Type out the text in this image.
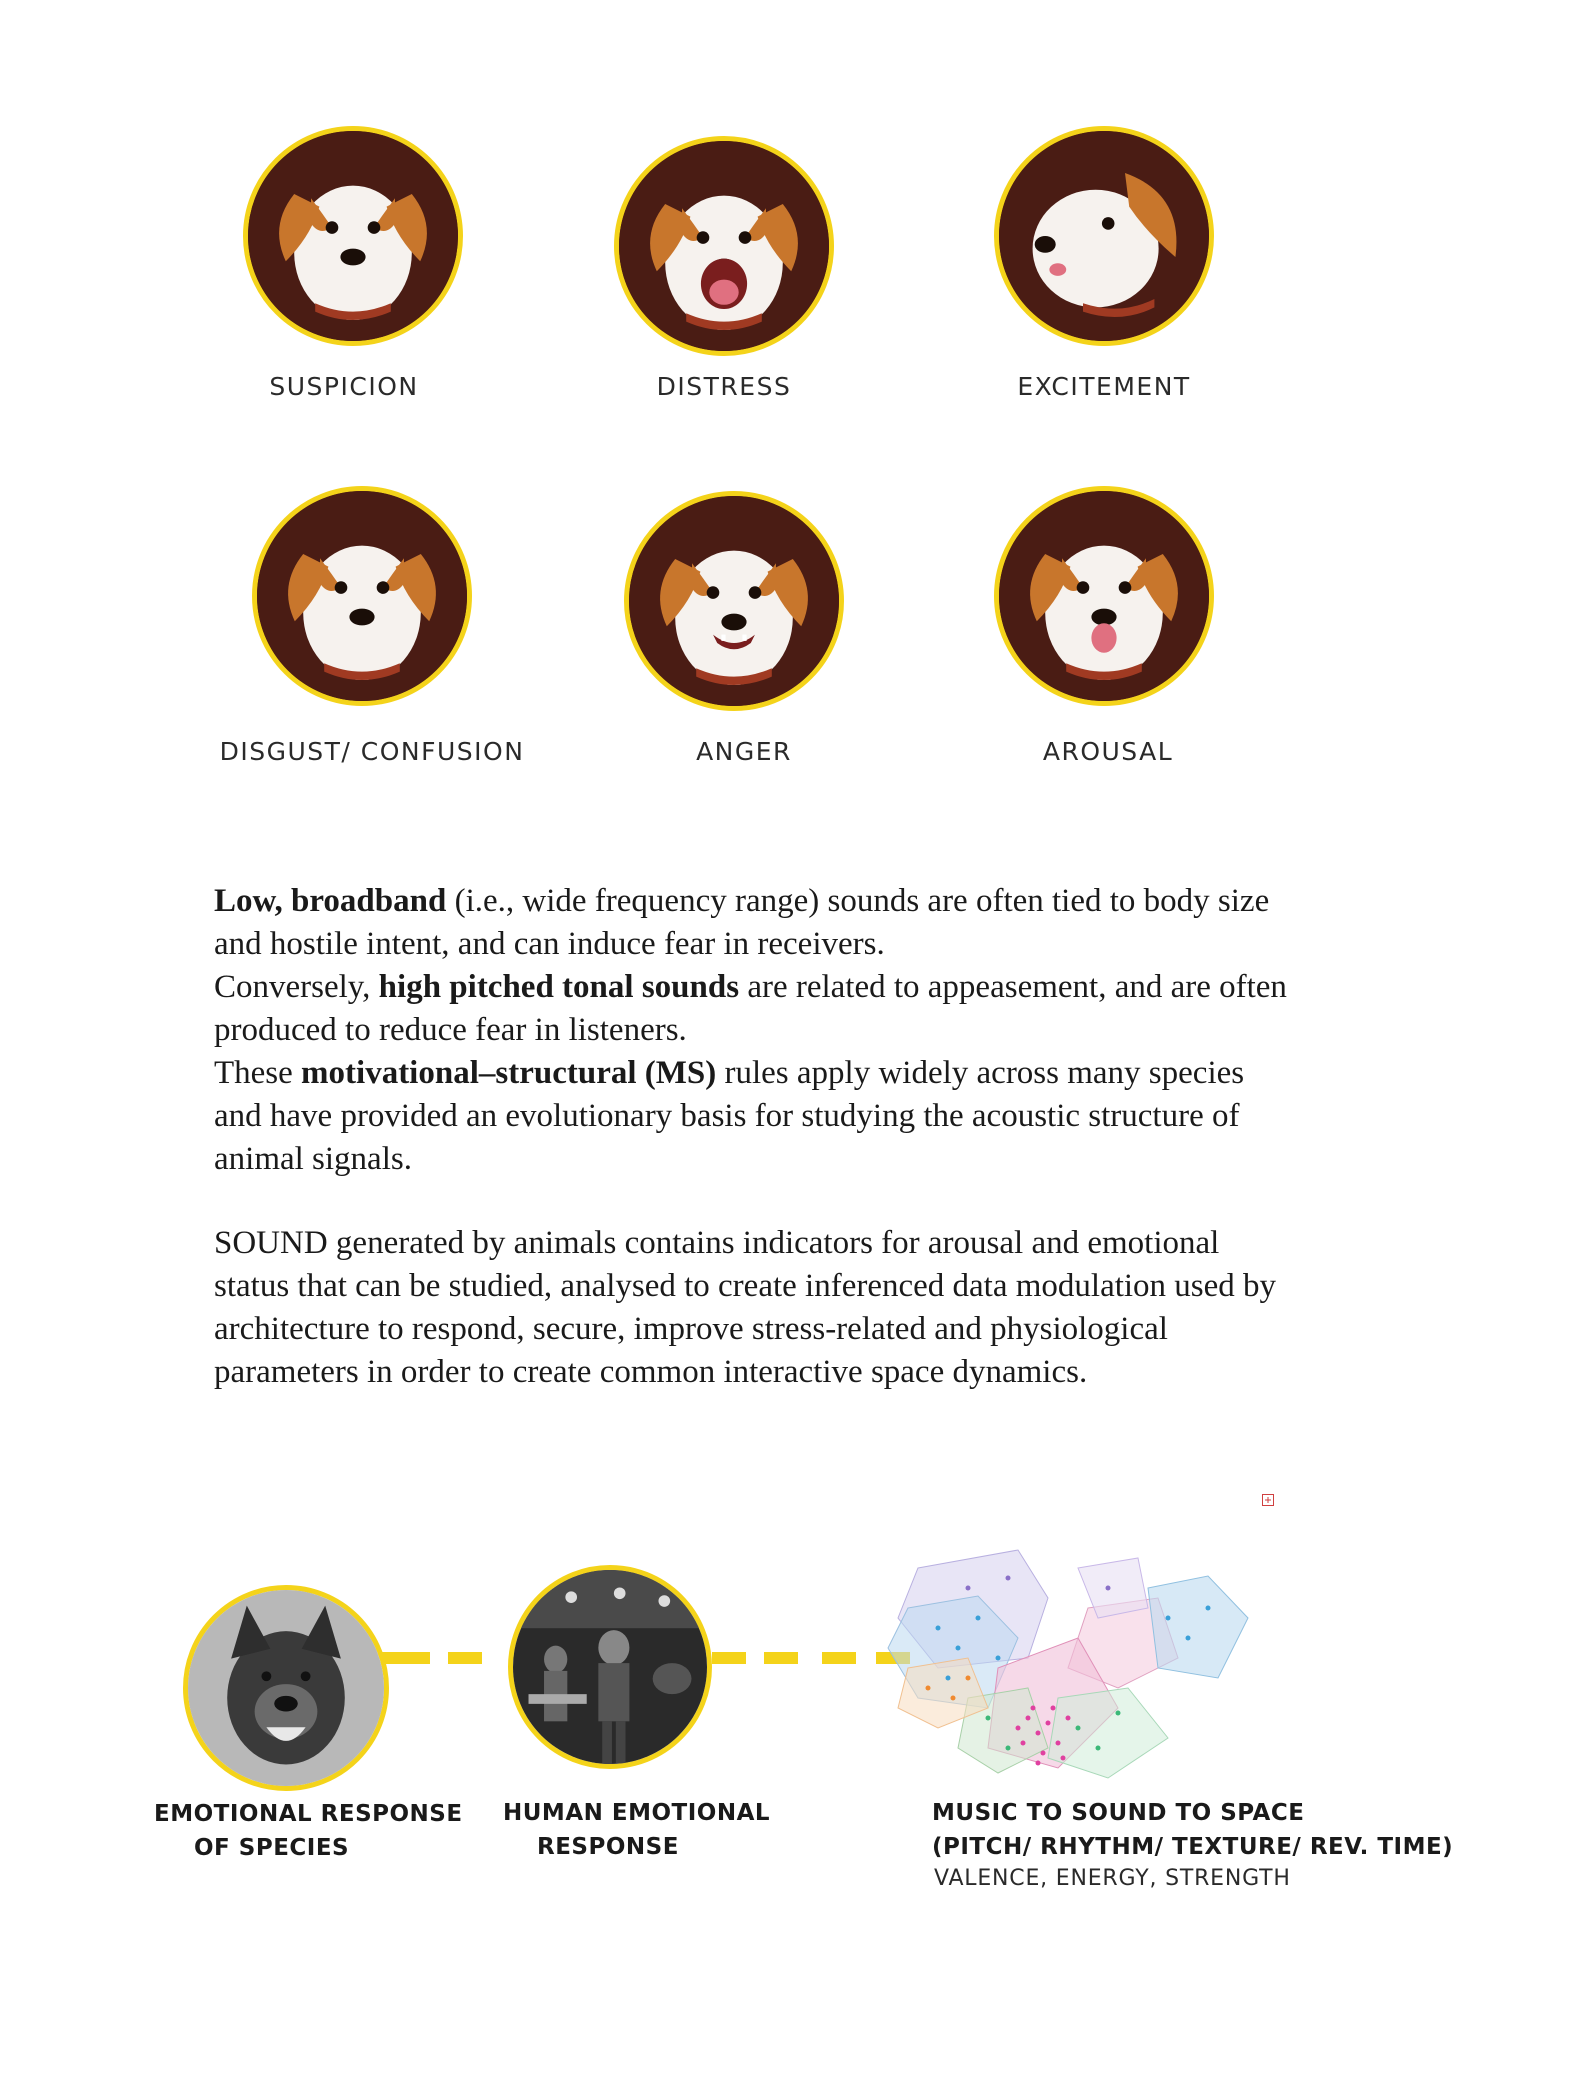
SUSPICION	DISTRESS	EXCITEMENT
DISGUST/ CONFUSION	ANGER	AROUSAL

Low, broadband (i.e., wide frequency range) sounds are often tied to body size and hostile intent, and can induce fear in receivers.
Conversely, high pitched tonal sounds are related to appeasement, and are often produced to reduce fear in listeners.
These motivational–structural (MS) rules apply widely across many species and have provided an evolutionary basis for studying the acoustic structure of animal signals.

SOUND generated by animals contains indicators for arousal and emotional status that can be studied, analysed to create inferenced data modulation used by architecture to respond, secure, improve stress-related and physiological parameters in order to create common interactive space dynamics.

EMOTIONAL RESPONSE
OF SPECIES
HUMAN EMOTIONAL
RESPONSE
MUSIC TO SOUND TO SPACE
(PITCH/ RHYTHM/ TEXTURE/ REV. TIME)
VALENCE, ENERGY, STRENGTH
